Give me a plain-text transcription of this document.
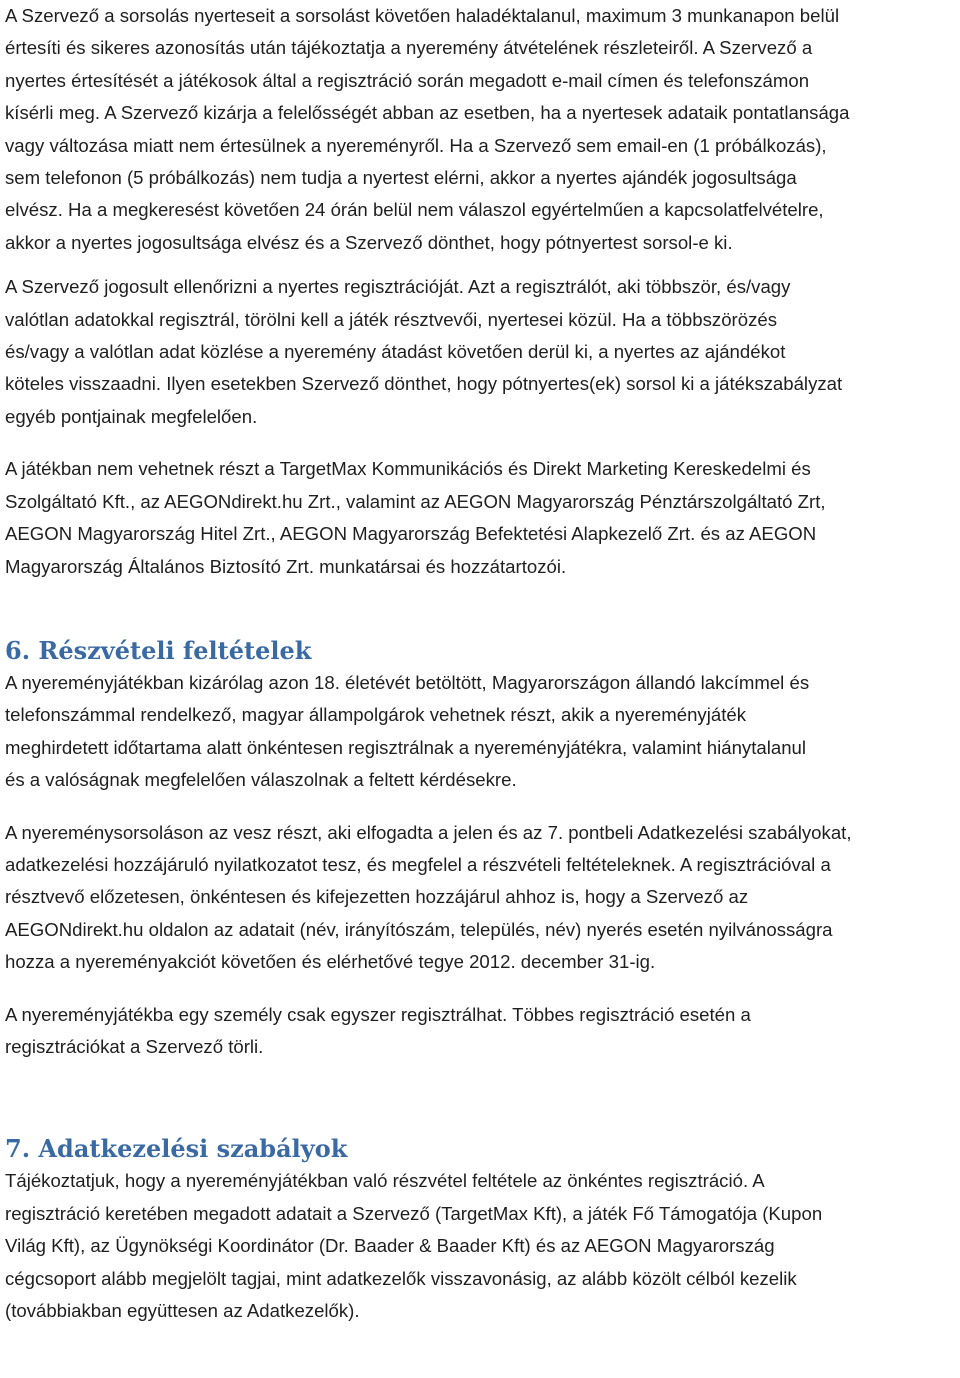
A Szervező a sorsolás nyerteseit a sorsolást követően haladéktalanul, maximum 3 munkanapon belül
értesíti és sikeres azonosítás után tájékoztatja a nyeremény átvételének részleteiről. A Szervező a
nyertes értesítését a játékosok által a regisztráció során megadott e-mail címen és telefonszámon
kísérli meg. A Szervező kizárja a felelősségét abban az esetben, ha a nyertesek adataik pontatlansága
vagy változása miatt nem értesülnek a nyereményről. Ha a Szervező sem email-en (1 próbálkozás),
sem telefonon (5 próbálkozás) nem tudja a nyertest elérni, akkor a nyertes ajándék jogosultsága
elvész. Ha a megkeresést követően 24 órán belül nem válaszol egyértelműen a kapcsolatfelvételre,
akkor a nyertes jogosultsága elvész és a Szervező dönthet, hogy pótnyertest sorsol-e ki.

A Szervező jogosult ellenőrizni a nyertes regisztrációját. Azt a regisztrálót, aki többször, és/vagy
valótlan adatokkal regisztrál, törölni kell a játék résztvevői, nyertesei közül. Ha a többszörözés
és/vagy a valótlan adat közlése a nyeremény átadást követően derül ki, a nyertes az ajándékot
köteles visszaadni. Ilyen esetekben Szervező dönthet, hogy pótnyertes(ek) sorsol ki a játékszabályzat
egyéb pontjainak megfelelően.

A játékban nem vehetnek részt a TargetMax Kommunikációs és Direkt Marketing Kereskedelmi és
Szolgáltató Kft., az AEGONdirekt.hu Zrt., valamint az AEGON Magyarország Pénztárszolgáltató Zrt,
AEGON Magyarország Hitel Zrt., AEGON Magyarország Befektetési Alapkezelő Zrt. és az AEGON
Magyarország Általános Biztosító Zrt. munkatársai és hozzátartozói.

6. Részvételi feltételek

A nyereményjátékban kizárólag azon 18. életévét betöltött, Magyarországon állandó lakcímmel és
telefonszámmal rendelkező, magyar állampolgárok vehetnek részt, akik a nyereményjáték
meghirdetett időtartama alatt önkéntesen regisztrálnak a nyereményjátékra, valamint hiánytalanul
és a valóságnak megfelelően válaszolnak a feltett kérdésekre.

A nyereménysorsoláson az vesz részt, aki elfogadta a jelen és az 7. pontbeli Adatkezelési szabályokat,
adatkezelési hozzájáruló nyilatkozatot tesz, és megfelel a részvételi feltételeknek. A regisztrációval a
résztvevő előzetesen, önkéntesen és kifejezetten hozzájárul ahhoz is, hogy a Szervező az
AEGONdirekt.hu oldalon az adatait (név, irányítószám, település, név) nyerés esetén nyilvánosságra
hozza a nyereményakciót követően és elérhetővé tegye 2012. december 31-ig.

A nyereményjátékba egy személy csak egyszer regisztrálhat. Többes regisztráció esetén a
regisztrációkat a Szervező törli.

7. Adatkezelési szabályok

Tájékoztatjuk, hogy a nyereményjátékban való részvétel feltétele az önkéntes regisztráció. A
regisztráció keretében megadott adatait a Szervező (TargetMax Kft), a játék Fő Támogatója (Kupon
Világ Kft), az Ügynökségi Koordinátor (Dr. Baader & Baader Kft) és az AEGON Magyarország
cégcsoport alább megjelölt tagjai, mint adatkezelők visszavonásig, az alább közölt célból kezelik
(továbbiakban együttesen az Adatkezelők).
